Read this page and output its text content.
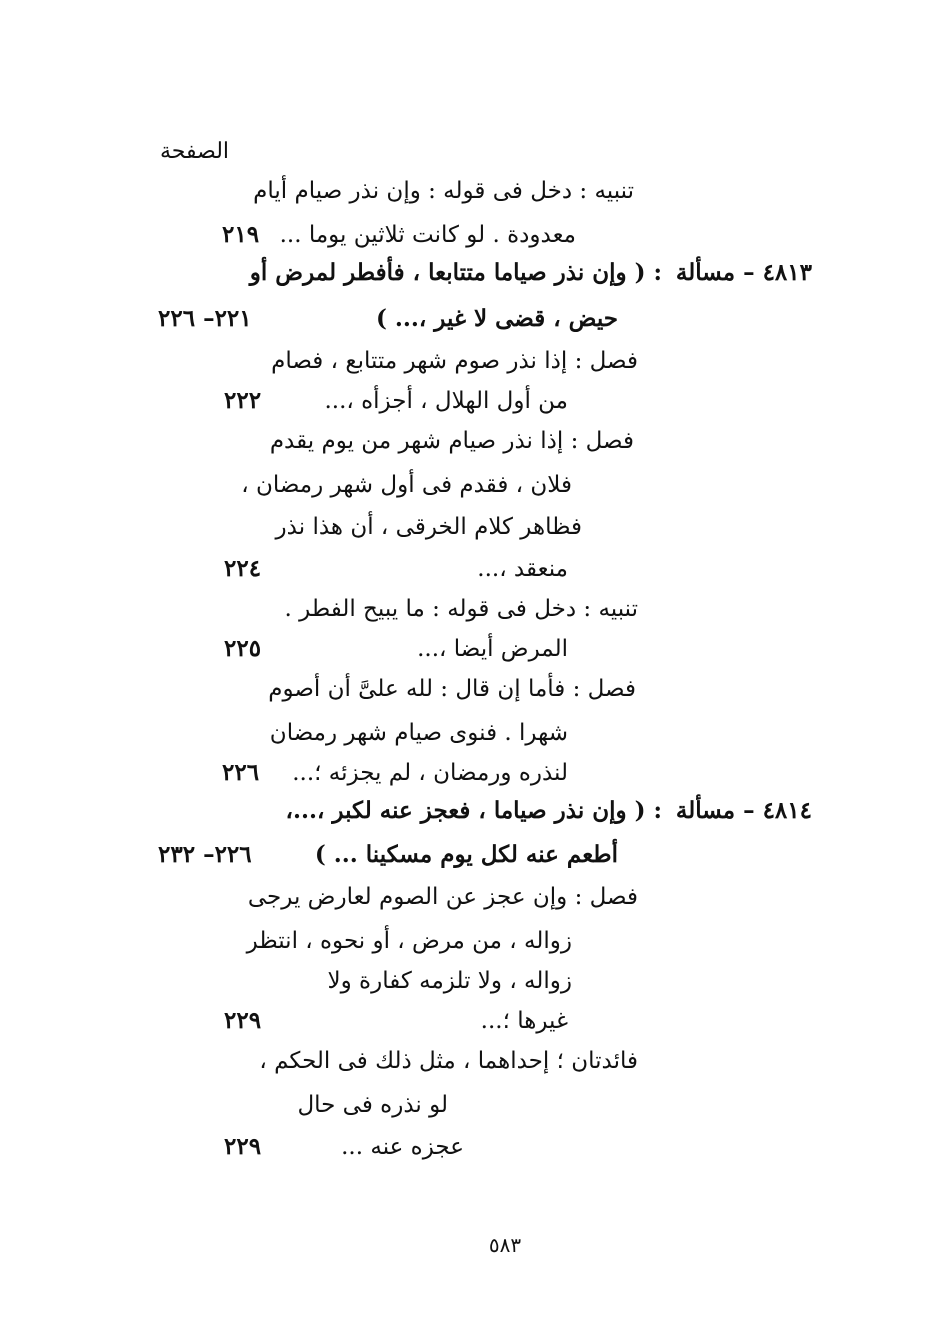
الصفحة
تنبيه : دخل فى قوله : وإن نذر صيام أيام
معدودة . لو كانت ثلاثين يوما ...
٢١٩
٤٨١٣ – مسألة
: ( وإن نذر صياما متتابعا ، فأفطر لمرض أو
حيض ، قضى لا غير ،... )
٢٢١– ٢٢٦
فصل : إذا نذر صوم شهر متتابع ، فصام
من أول الهلال ، أجزأه ،...
٢٢٢
فصل : إذا نذر صيام شهر من يوم يقدم
فلان ، فقدم فى أول شهر رمضان ،
فظاهر كلام الخرقى ، أن هذا نذر
منعقد ،...
٢٢٤
تنبيه : دخل فى قوله : ما يبيح الفطر .
المرض أيضا ،...
٢٢٥
فصل : فأما إن قال : لله علىَّ أن أصوم
شهرا . فنوى صيام شهر رمضان
لنذره ورمضان ، لم يجزئه ؛...
٢٢٦
٤٨١٤ – مسألة
: ( وإن نذر صياما ، فعجز عنه لكبر ،...،
أطعم عنه لكل يوم مسكينا ... )
٢٢٦– ٢٣٢
فصل : وإن عجز عن الصوم لعارض يرجى
زواله ، من مرض ، أو نحوه ، انتظر
زواله ، ولا تلزمه كفارة ولا
غيرها ؛...
٢٢٩
فائدتان ؛ إحداهما ، مثل ذلك فى الحكم ،
لو نذره فى حال
عجزه عنه ...
٢٢٩
٥٨٣
